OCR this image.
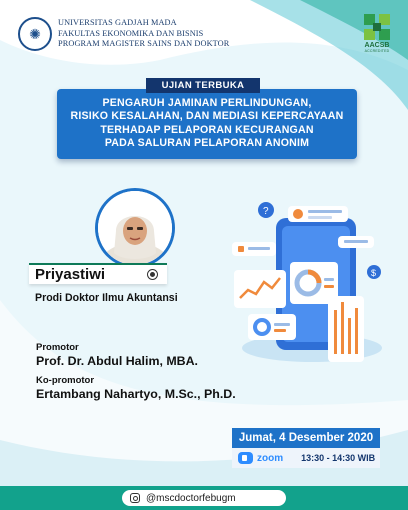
✺
UNIVERSITAS GADJAH MADA
FAKULTAS EKONOMIKA DAN BISNIS
PROGRAM MAGISTER SAINS DAN DOKTOR	AACSB
ACCREDITED
PENGARUH JAMINAN PERLINDUNGAN,
RISIKO KESALAHAN, DAN MEDIASI KEPERCAYAAN
TERHADAP PELAPORAN KECURANGAN
PADA SALURAN PELAPORAN ANONIM
UJIAN TERBUKA
Priyastiwi
Prodi Doktor Ilmu Akuntansi
Promotor
Prof. Dr. Abdul Halim, MBA.
Ko-promotor
Ertambang Nahartyo, M.Sc., Ph.D.
?
$
Jumat, 4 Desember 2020
zoom 13:30 - 14:30 WIB
@mscdoctorfebugm
